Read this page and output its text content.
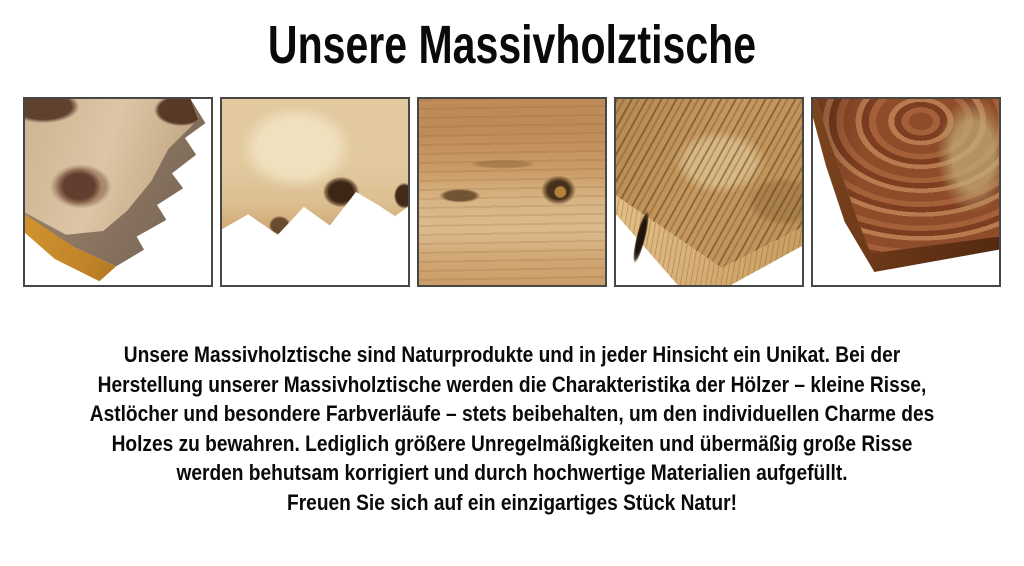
Unsere Massivholztische
Unsere Massivholztische sind Naturprodukte und in jeder Hinsicht ein Unikat. Bei der
Herstellung unserer Massivholztische werden die Charakteristika der Hölzer – kleine Risse,
Astlöcher und besondere Farbverläufe – stets beibehalten, um den individuellen Charme des
Holzes zu bewahren. Lediglich größere Unregelmäßigkeiten und übermäßig große Risse
werden behutsam korrigiert und durch hochwertige Materialien aufgefüllt.
Freuen Sie sich auf ein einzigartiges Stück Natur!
